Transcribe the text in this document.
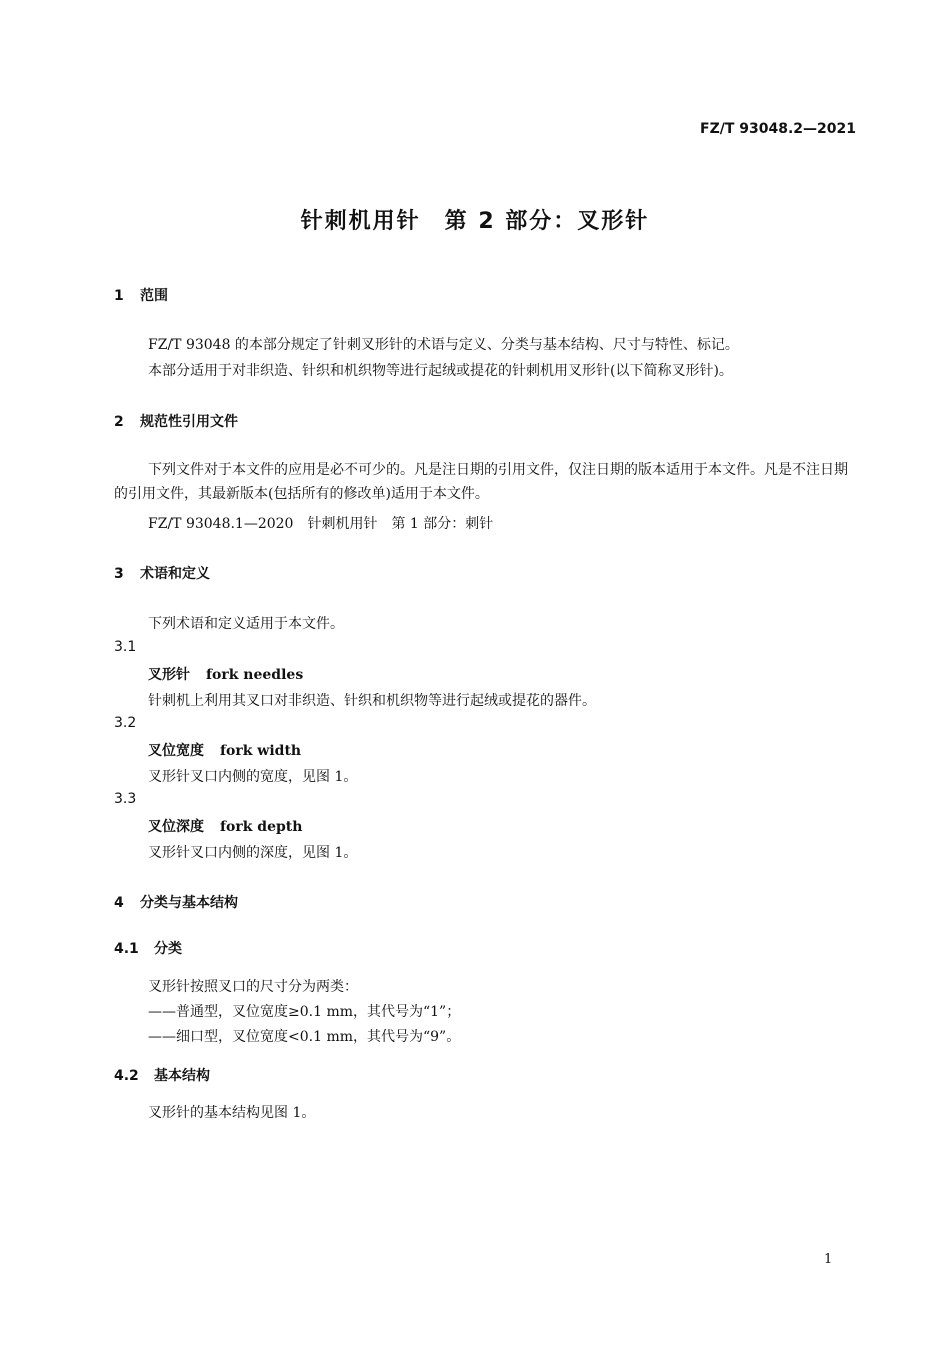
FZ/T 93048.2—2021
针刺机用针　第 2 部分：叉形针
1 范围
FZ/T 93048 的本部分规定了针刺叉形针的术语与定义、分类与基本结构、尺寸与特性、标记。
本部分适用于对非织造、针织和机织物等进行起绒或提花的针刺机用叉形针(以下简称叉形针)。
2 规范性引用文件
下列文件对于本文件的应用是必不可少的。凡是注日期的引用文件，仅注日期的版本适用于本文件。凡是不注日期的引用文件，其最新版本(包括所有的修改单)适用于本文件。
FZ/T 93048.1—2020　针刺机用针　第 1 部分：刺针
3 术语和定义
下列术语和定义适用于本文件。
3.1
叉形针 fork needles
针刺机上利用其叉口对非织造、针织和机织物等进行起绒或提花的器件。
3.2
叉位宽度 fork width
叉形针叉口内侧的宽度，见图 1。
3.3
叉位深度 fork depth
叉形针叉口内侧的深度，见图 1。
4 分类与基本结构
4.1 分类
叉形针按照叉口的尺寸分为两类：
——普通型，叉位宽度≥0.1 mm，其代号为“1”；
——细口型，叉位宽度<0.1 mm，其代号为“9”。
4.2 基本结构
叉形针的基本结构见图 1。
1
